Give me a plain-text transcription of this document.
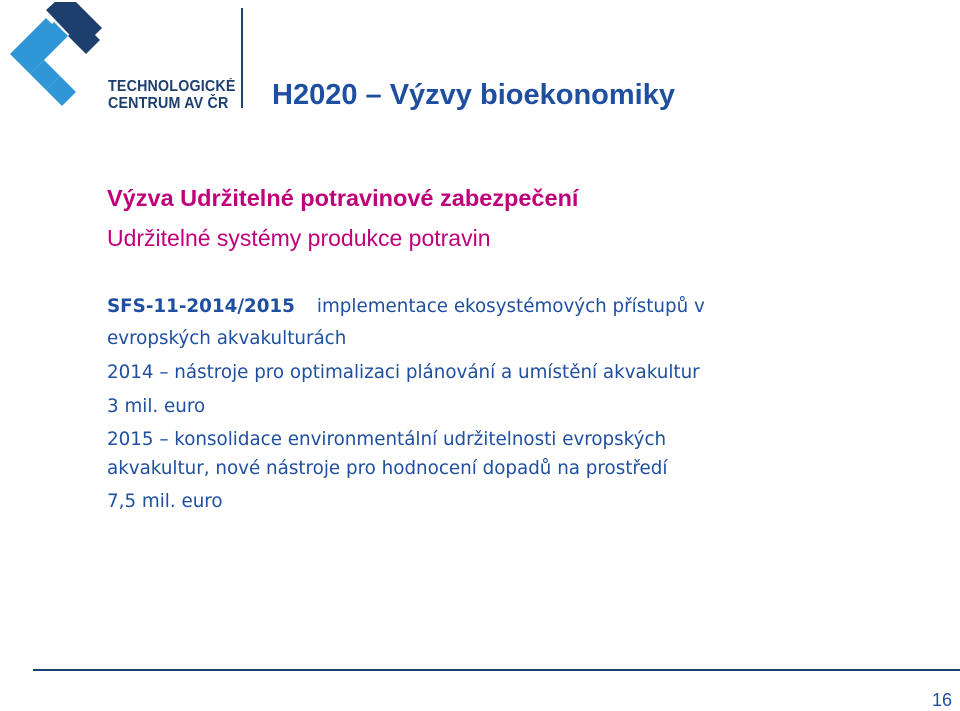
TECHNOLOGICKÉ
CENTRUM AV ČR H2020 – Výzvy bioekonomiky
Výzva Udržitelné potravinové zabezpečení

Udržitelné systémy produkce potravin

SFS-11-2014/2015 implementace ekosystémových přístupů v

evropských akvakulturách

2014 – nástroje pro optimalizaci plánování a umístění akvakultur

3 mil. euro

2015 – konsolidace environmentální udržitelnosti evropských

akvakultur, nové nástroje pro hodnocení dopadů na prostředí

7,5 mil. euro

16
